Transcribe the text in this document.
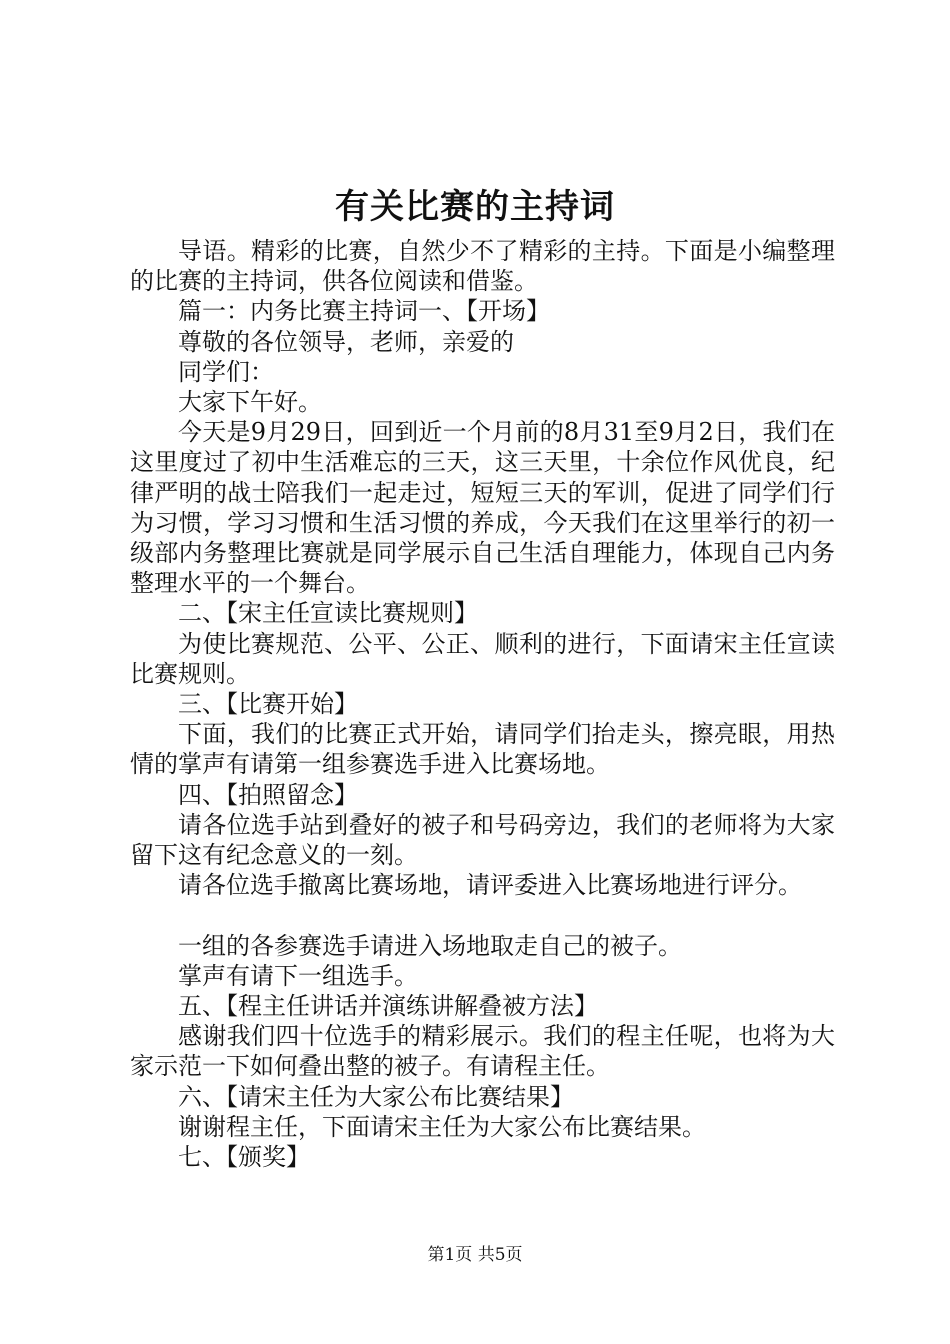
有关比赛的主持词

导语。精彩的比赛，自然少不了精彩的主持。下面是小编整理的比赛的主持词，供各位阅读和借鉴。

篇一：内务比赛主持词一、【开场】

尊敬的各位领导，老师，亲爱的

同学们：

大家下午好。

今天是9月29日，回到近一个月前的8月31至9月2日，我们在这里度过了初中生活难忘的三天，这三天里，十余位作风优良，纪律严明的战士陪我们一起走过，短短三天的军训，促进了同学们行为习惯，学习习惯和生活习惯的养成，今天我们在这里举行的初一级部内务整理比赛就是同学展示自己生活自理能力，体现自己内务整理水平的一个舞台。

二、【宋主任宣读比赛规则】

为使比赛规范、公平、公正、顺利的进行，下面请宋主任宣读比赛规则。

三、【比赛开始】

下面，我们的比赛正式开始，请同学们抬走头，擦亮眼，用热情的掌声有请第一组参赛选手进入比赛场地。

四、【拍照留念】

请各位选手站到叠好的被子和号码旁边，我们的老师将为大家留下这有纪念意义的一刻。

请各位选手撤离比赛场地，请评委进入比赛场地进行评分。

一组的各参赛选手请进入场地取走自己的被子。

掌声有请下一组选手。

五、【程主任讲话并演练讲解叠被方法】

感谢我们四十位选手的精彩展示。我们的程主任呢，也将为大家示范一下如何叠出整的被子。有请程主任。

六、【请宋主任为大家公布比赛结果】

谢谢程主任，下面请宋主任为大家公布比赛结果。

七、【颁奖】

第1页 共5页
